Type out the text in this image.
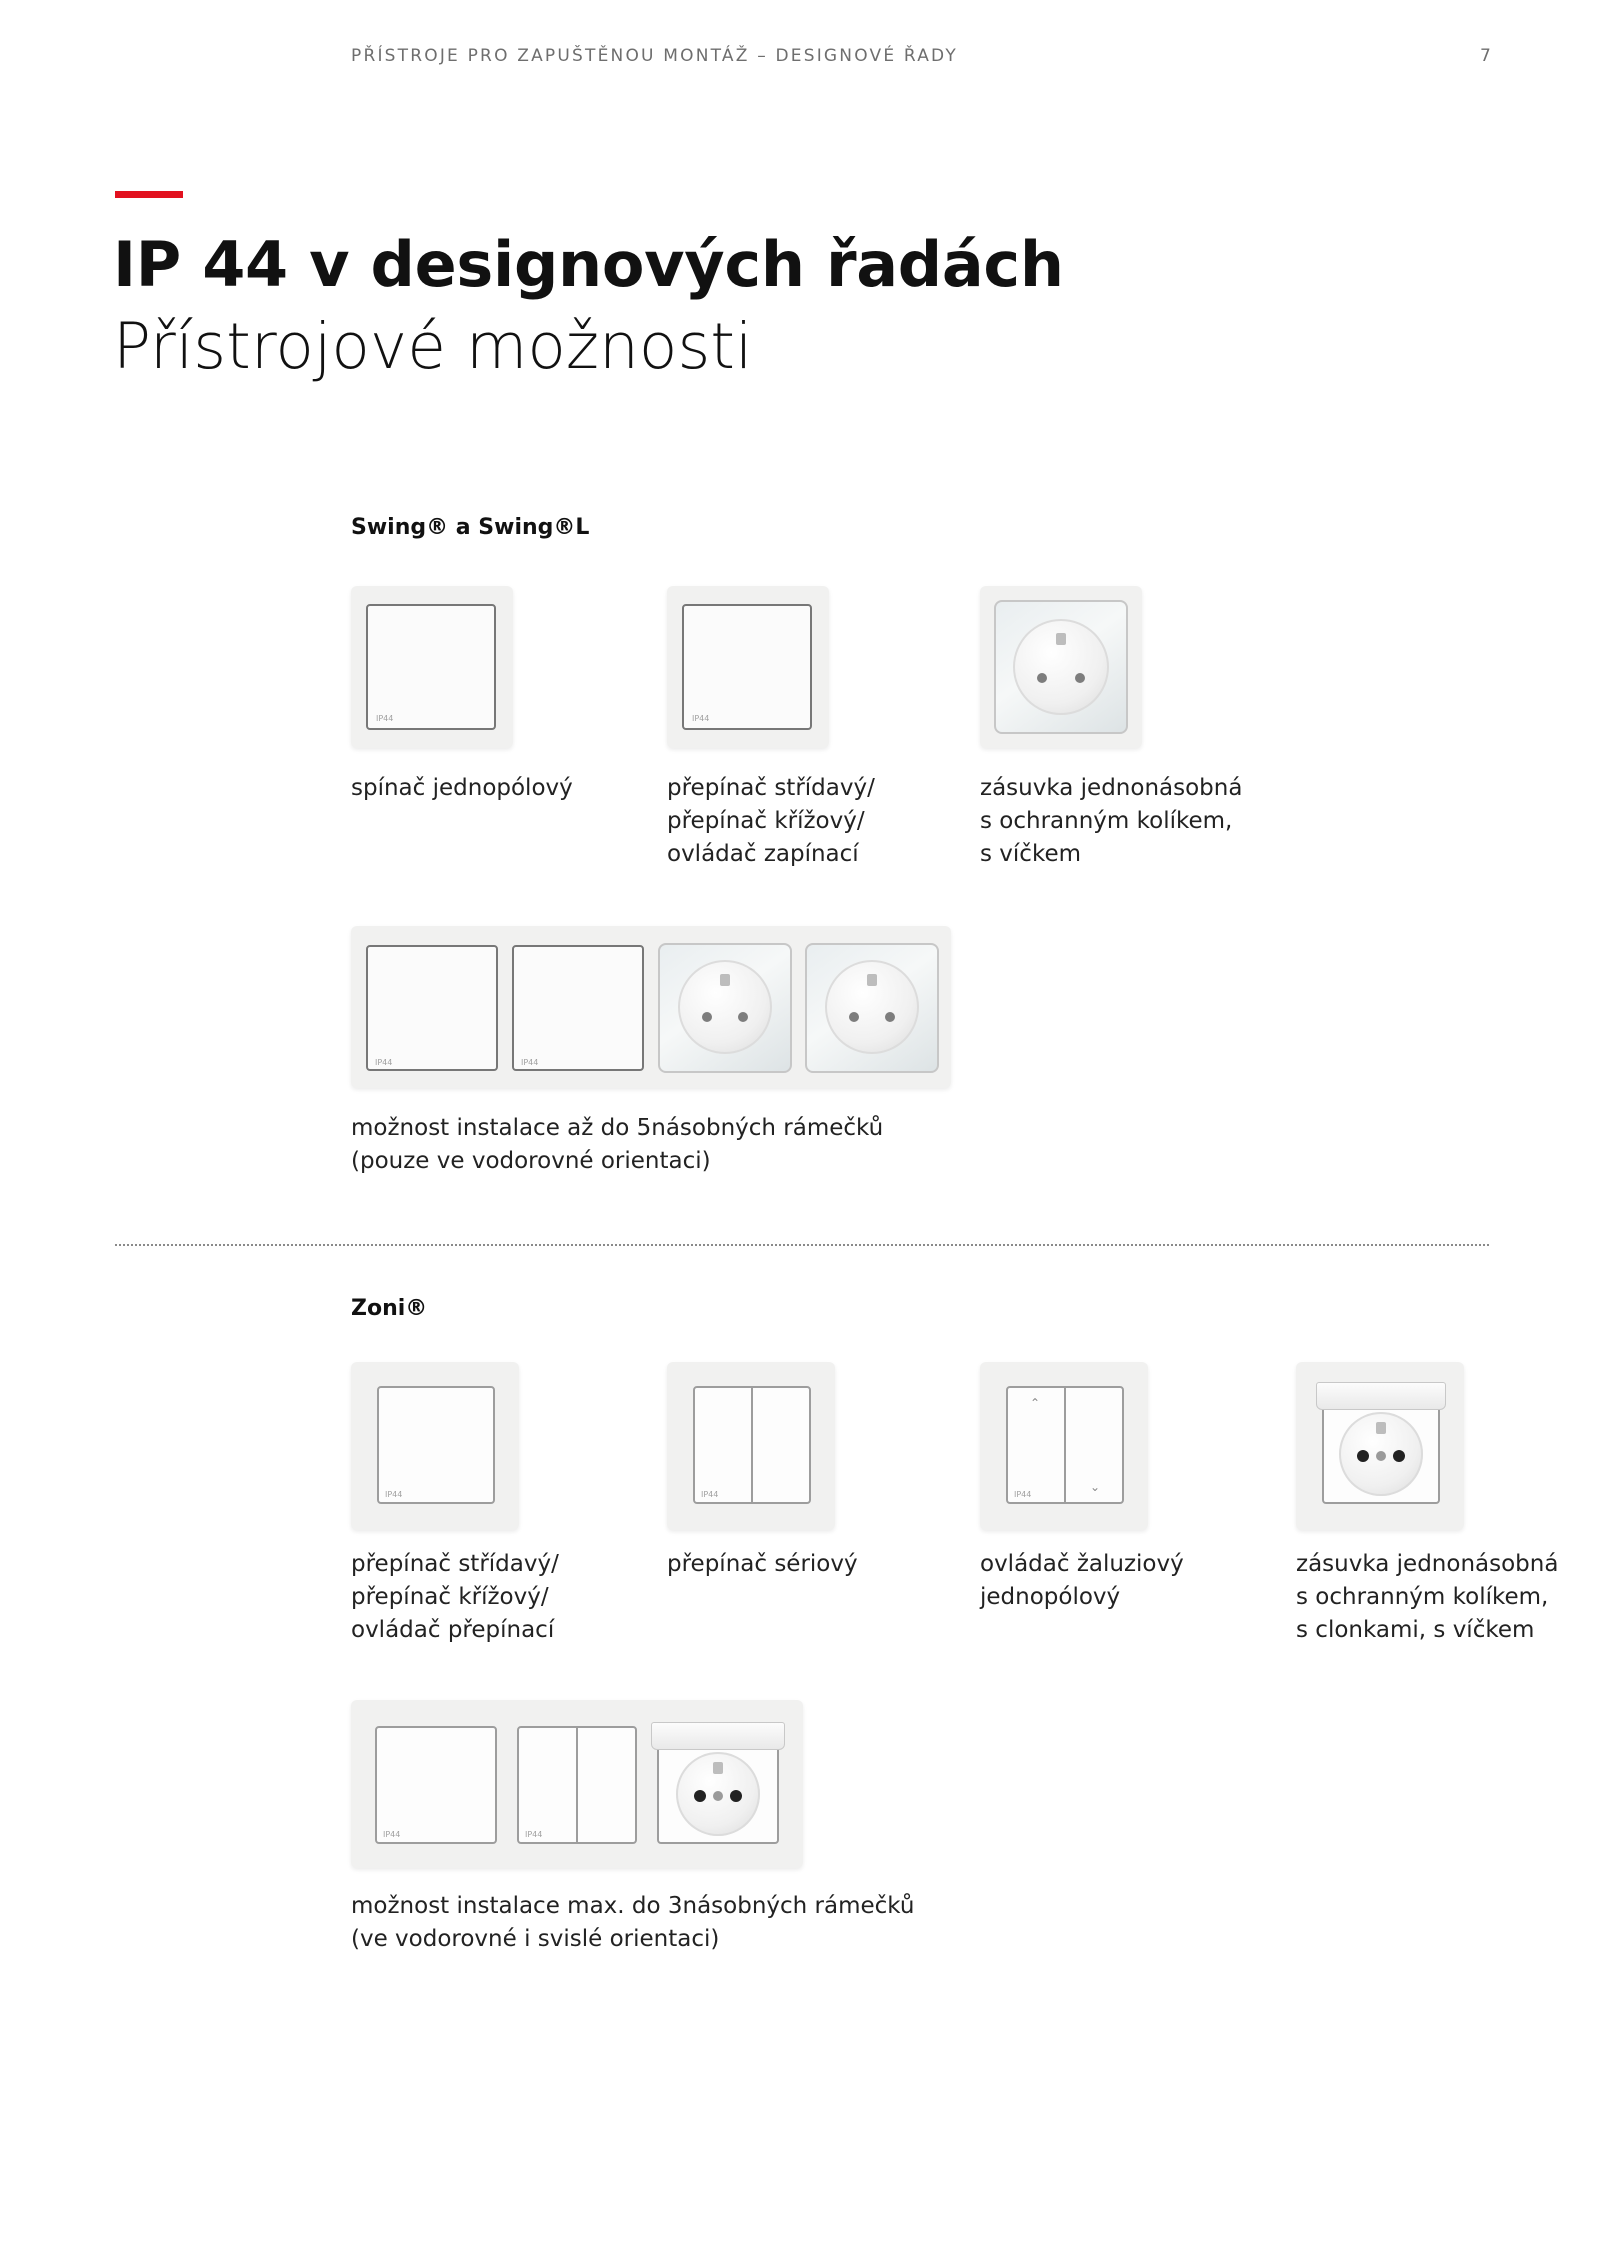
PŘÍSTROJE PRO ZAPUŠTĚNOU MONTÁŽ – DESIGNOVÉ ŘADY	7
IP 44 v designových řadách
Přístrojové možnosti
Swing® a Swing®L
IP44
spínač jednopólový
IP44
přepínač střídavý/
přepínač křížový/
ovládač zapínací
zásuvka jednonásobná
s ochranným kolíkem,
s víčkem
IP44	IP44
možnost instalace až do 5násobných rámečků
(pouze ve vodorovné orientaci)
Zoni®
IP44
přepínač střídavý/
přepínač křížový/
ovládač přepínací
IP44
přepínač sériový
⌃
⌄
IP44
ovládač žaluziový
jednopólový
zásuvka jednonásobná
s ochranným kolíkem,
s clonkami, s víčkem
IP44	IP44
možnost instalace max. do 3násobných rámečků
(ve vodorovné i svislé orientaci)
